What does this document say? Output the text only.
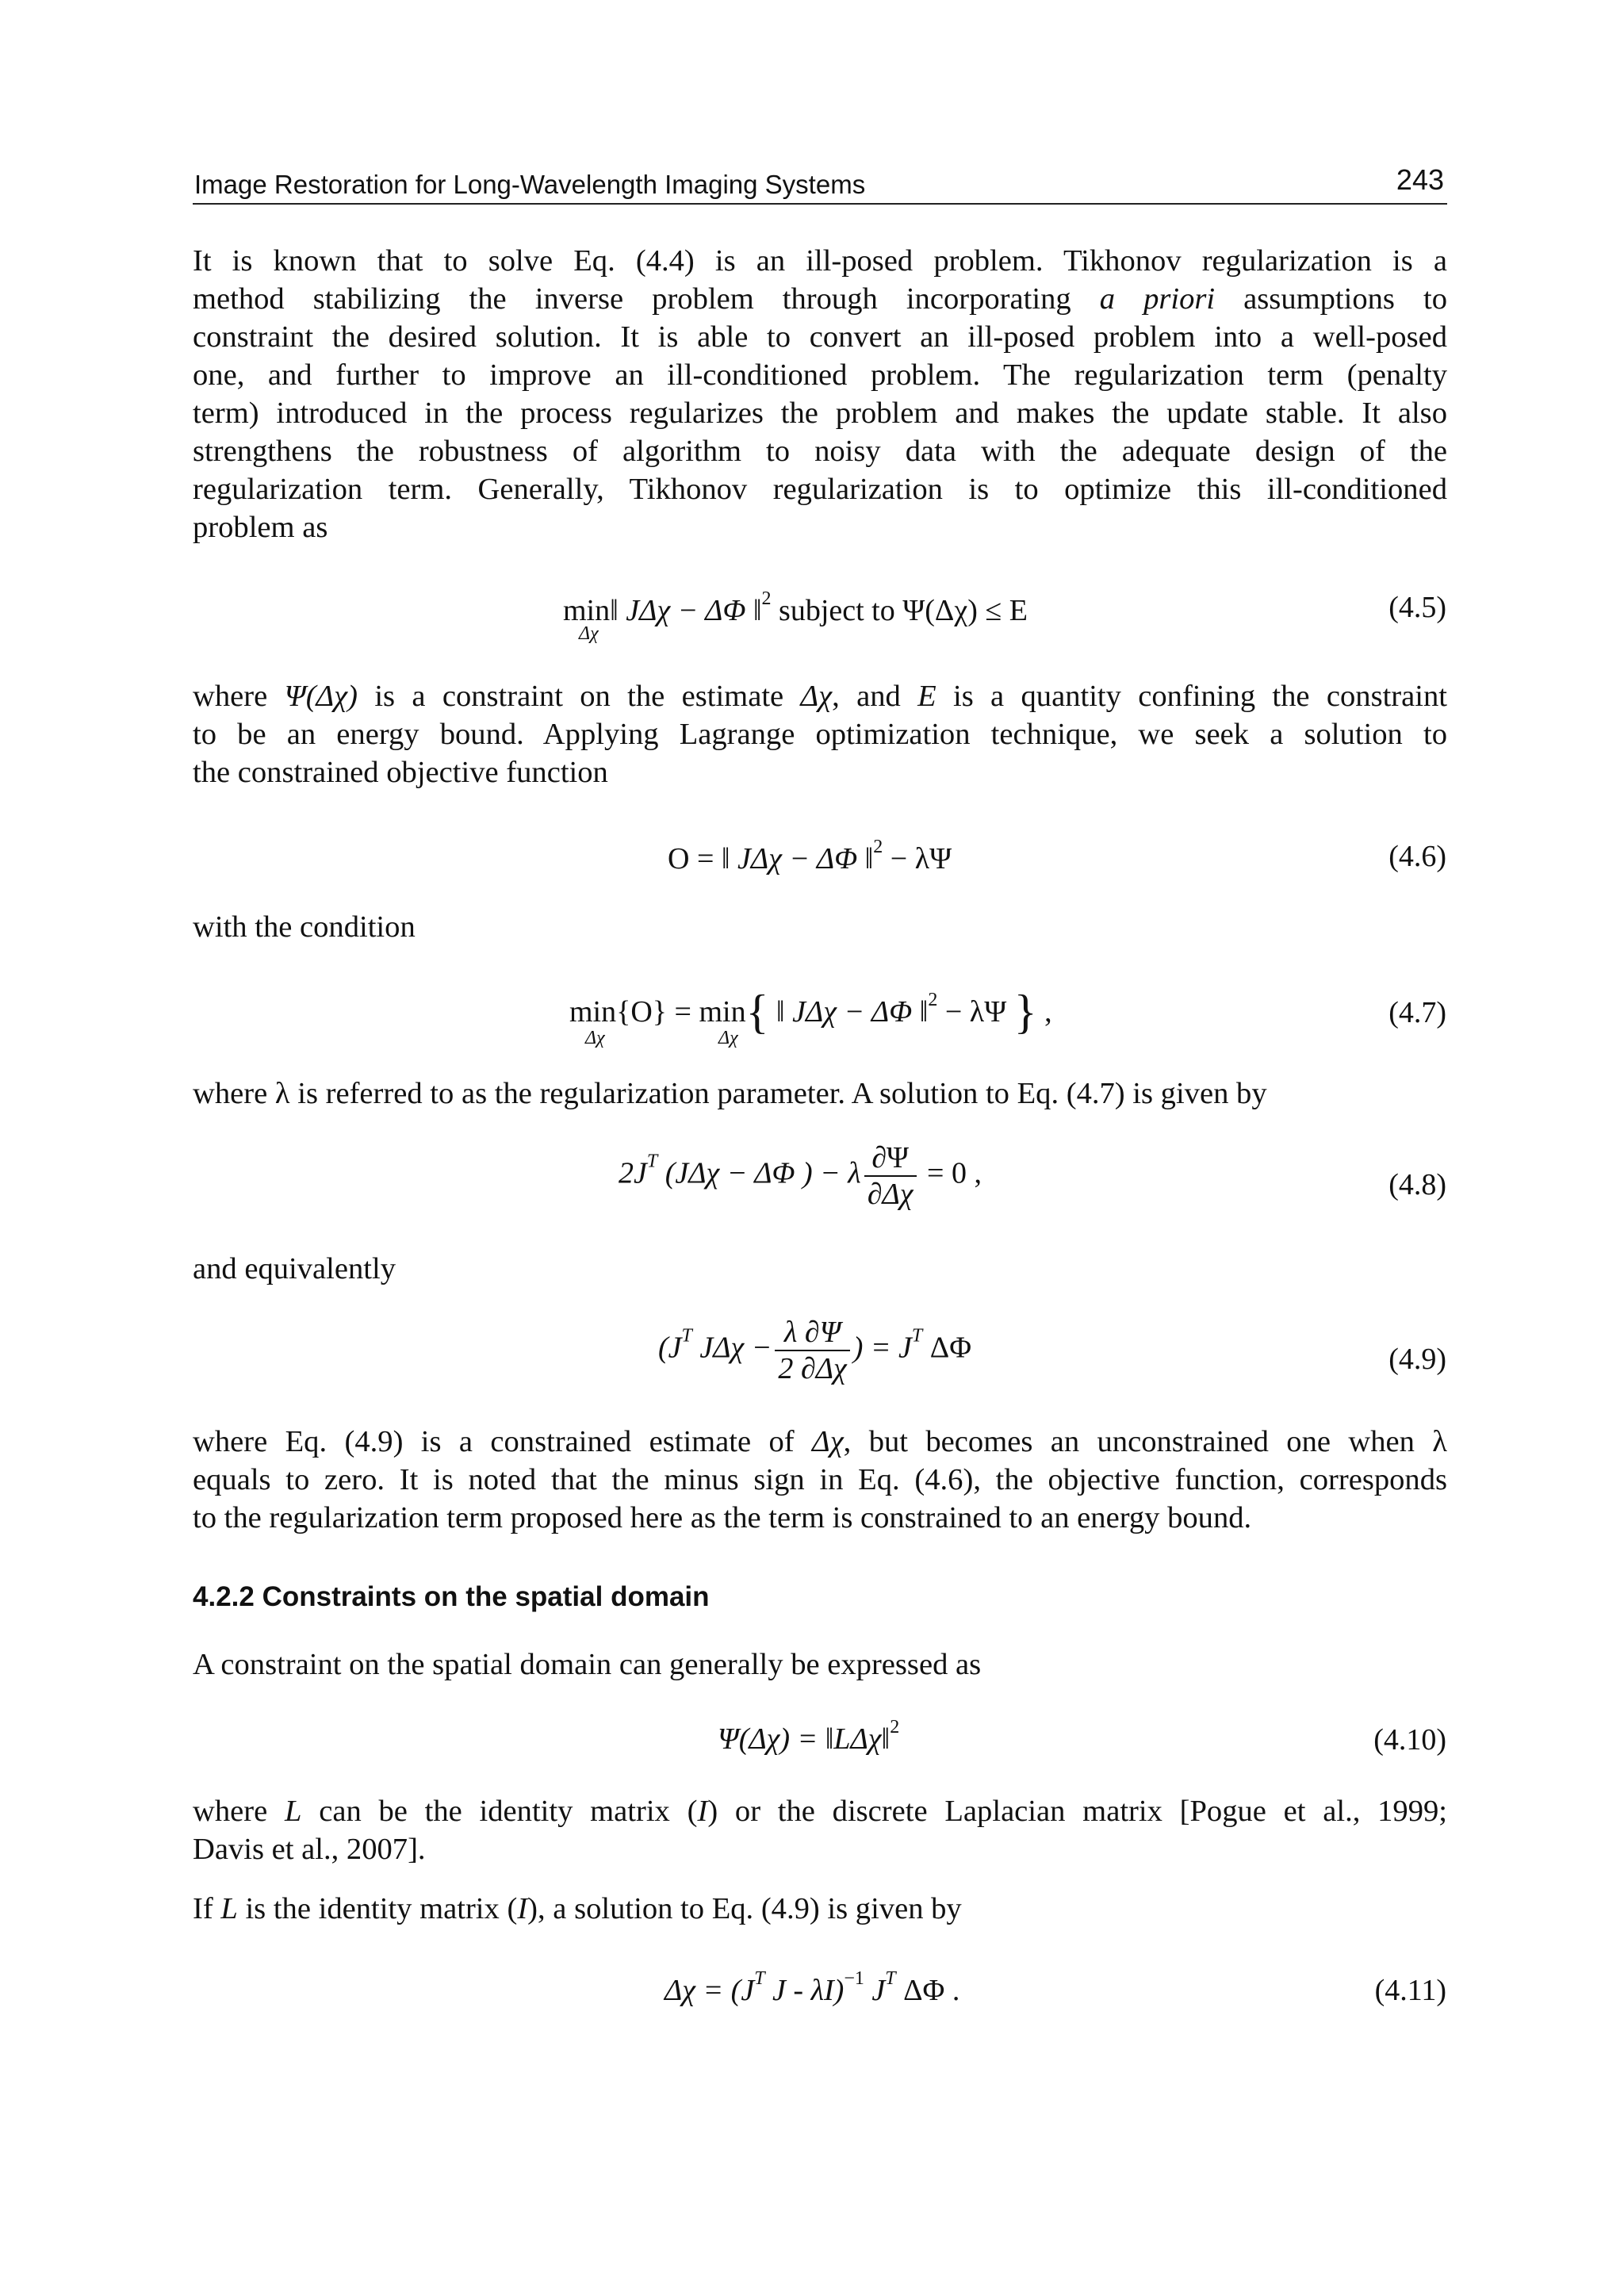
Image Restoration for Long-Wavelength Imaging Systems	243
It is known that to solve Eq. (4.4) is an ill-posed problem. Tikhonov regularization is a
method stabilizing the inverse problem through incorporating a priori assumptions to
constraint the desired solution. It is able to convert an ill-posed problem into a well-posed
one, and further to improve an ill-conditioned problem. The regularization term (penalty
term) introduced in the process regularizes the problem and makes the update stable. It also
strengthens the robustness of algorithm to noisy data with the adequate design of the
regularization term. Generally, Tikhonov regularization is to optimize this ill-conditioned
problem as
min‖ JΔχ − ΔΦ ‖$^2$ subject to Ψ(Δχ) ≤ E
Δχ
(4.5)
where Ψ(Δχ) is a constraint on the estimate Δχ, and E is a quantity confining the constraint
to be an energy bound. Applying Lagrange optimization technique, we seek a solution to
the constrained objective function
O = ‖ JΔχ − ΔΦ ‖$^2$ − λΨ	(4.6)
with the condition
min{O} = min{ ‖ JΔχ − ΔΦ ‖$^2$ − λΨ } ,
Δχ	Δχ
(4.7)
where λ is referred to as the regularization parameter. A solution to Eq. (4.7) is given by
$2J^T$ (JΔχ − ΔΦ ) − λ $\frac{\partial\Psi}{\partial\Delta\chi} = 0$ ,	(4.8)
and equivalently
($J^T$ $J\Delta\chi - \frac{\lambda \partial\Psi}{2 \partial\Delta\chi}$ ) = $J^T$ ΔΦ	(4.9)
where Eq. (4.9) is a constrained estimate of Δχ, but becomes an unconstrained one when λ
equals to zero. It is noted that the minus sign in Eq. (4.6), the objective function, corresponds
to the regularization term proposed here as the term is constrained to an energy bound.
4.2.2 Constraints on the spatial domain
A constraint on the spatial domain can generally be expressed as
Ψ(Δχ) = ‖LΔχ‖$^2$	(4.10)
where L can be the identity matrix (I) or the discrete Laplacian matrix [Pogue et al., 1999;
Davis et al., 2007].
If L is the identity matrix (I), a solution to Eq. (4.9) is given by
$\Delta\chi = (J^T$ J - λI)$^{-1}$ $J^T$ ΔΦ .	(4.11)
